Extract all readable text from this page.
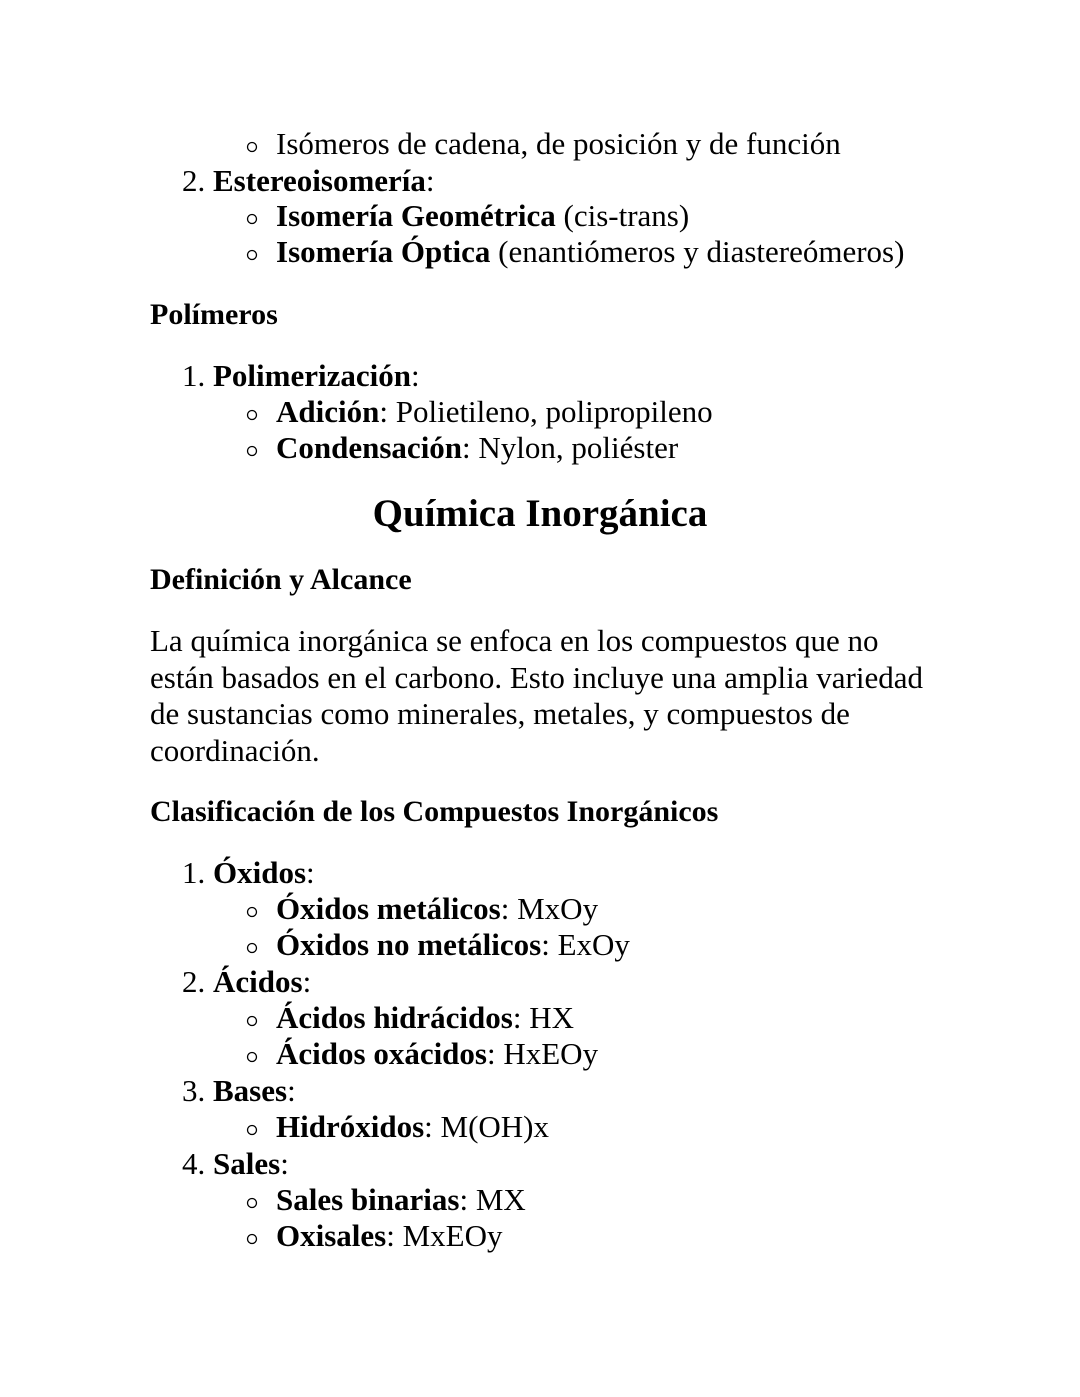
Isómeros de cadena, de posición y de función
2. Estereoisomería:
Isomería Geométrica (cis-trans)
Isomería Óptica (enantiómeros y diastereómeros)
Polímeros
1. Polimerización:
Adición: Polietileno, polipropileno
Condensación: Nylon, poliéster
Química Inorgánica
Definición y Alcance
La química inorgánica se enfoca en los compuestos que no están basados en el carbono. Esto incluye una amplia variedad de sustancias como minerales, metales, y compuestos de coordinación.
Clasificación de los Compuestos Inorgánicos
1. Óxidos:
Óxidos metálicos: MxOy
Óxidos no metálicos: ExOy
2. Ácidos:
Ácidos hidrácidos: HX
Ácidos oxácidos: HxEOy
3. Bases:
Hidróxidos: M(OH)x
4. Sales:
Sales binarias: MX
Oxisales: MxEOy
